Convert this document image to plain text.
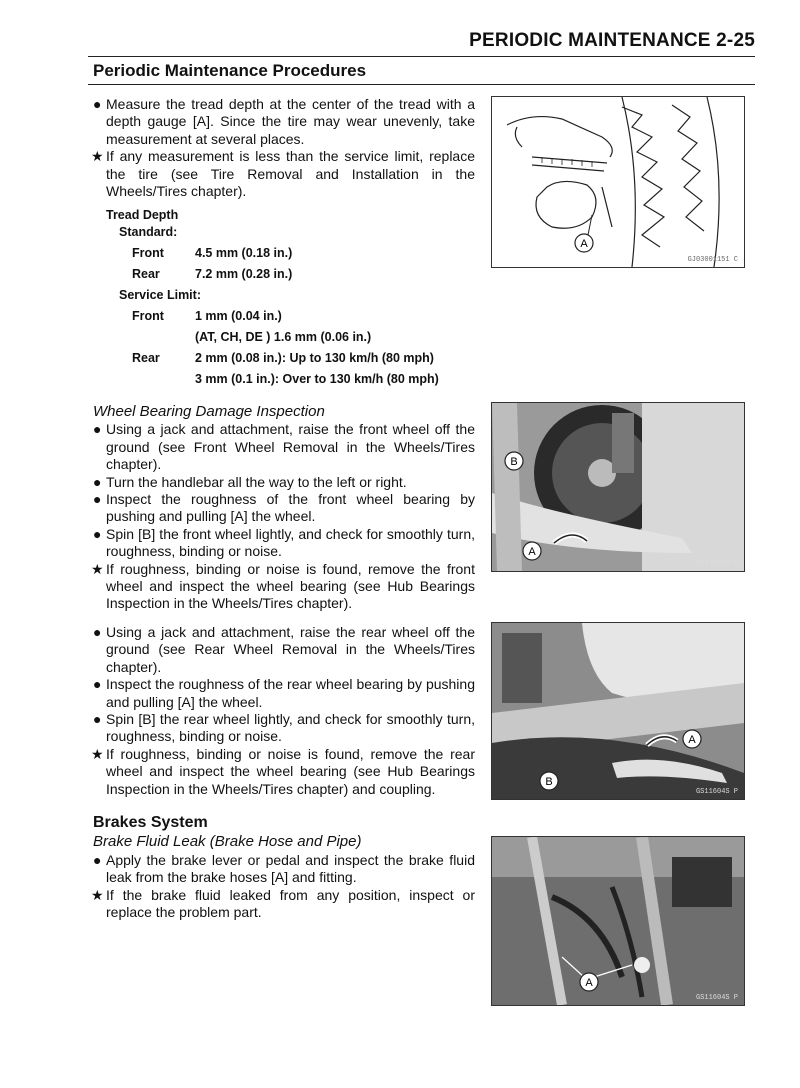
PERIODIC MAINTENANCE 2-25
Periodic Maintenance Procedures
● Measure the tread depth at the center of the tread with a depth gauge [A]. Since the tire may wear unevenly, take measurement at several places.
★ If any measurement is less than the service limit, replace the tire (see Tire Removal and Installation in the Wheels/Tires chapter).
Tread Depth
Standard:
Front 4.5 mm (0.18 in.)
Rear	7.2 mm (0.28 in.)
Service Limit:
Front 1 mm (0.04 in.)
(AT, CH, DE ) 1.6 mm (0.06 in.)
Rear	2 mm (0.08 in.): Up to 130 km/h (80 mph)
3 mm (0.1 in.): Over to 130 km/h (80 mph)
Wheel Bearing Damage Inspection
● Using a jack and attachment, raise the front wheel off the ground (see Front Wheel Removal in the Wheels/Tires chapter).
● Turn the handlebar all the way to the left or right.
● Inspect the roughness of the front wheel bearing by pushing and pulling [A] the wheel.
● Spin [B] the front wheel lightly, and check for smoothly turn, roughness, binding or noise.
★ If roughness, binding or noise is found, remove the front wheel and inspect the wheel bearing (see Hub Bearings Inspection in the Wheels/Tires chapter).
● Using a jack and attachment, raise the rear wheel off the ground (see Rear Wheel Removal in the Wheels/Tires chapter).
● Inspect the roughness of the rear wheel bearing by pushing and pulling [A] the wheel.
● Spin [B] the rear wheel lightly, and check for smoothly turn, roughness, binding or noise.
★ If roughness, binding or noise is found, remove the rear wheel and inspect the wheel bearing (see Hub Bearings Inspection in the Wheels/Tires chapter) and coupling.
Brakes System
Brake Fluid Leak (Brake Hose and Pipe)
● Apply the brake lever or pedal and inspect the brake fluid leak from the brake hoses [A] and fitting.
★ If the brake fluid leaked from any position, inspect or replace the problem part.
A
GJ03001151 C
B
A
GS11604S P
A
B
GS11604S P
A
GS11604S P
